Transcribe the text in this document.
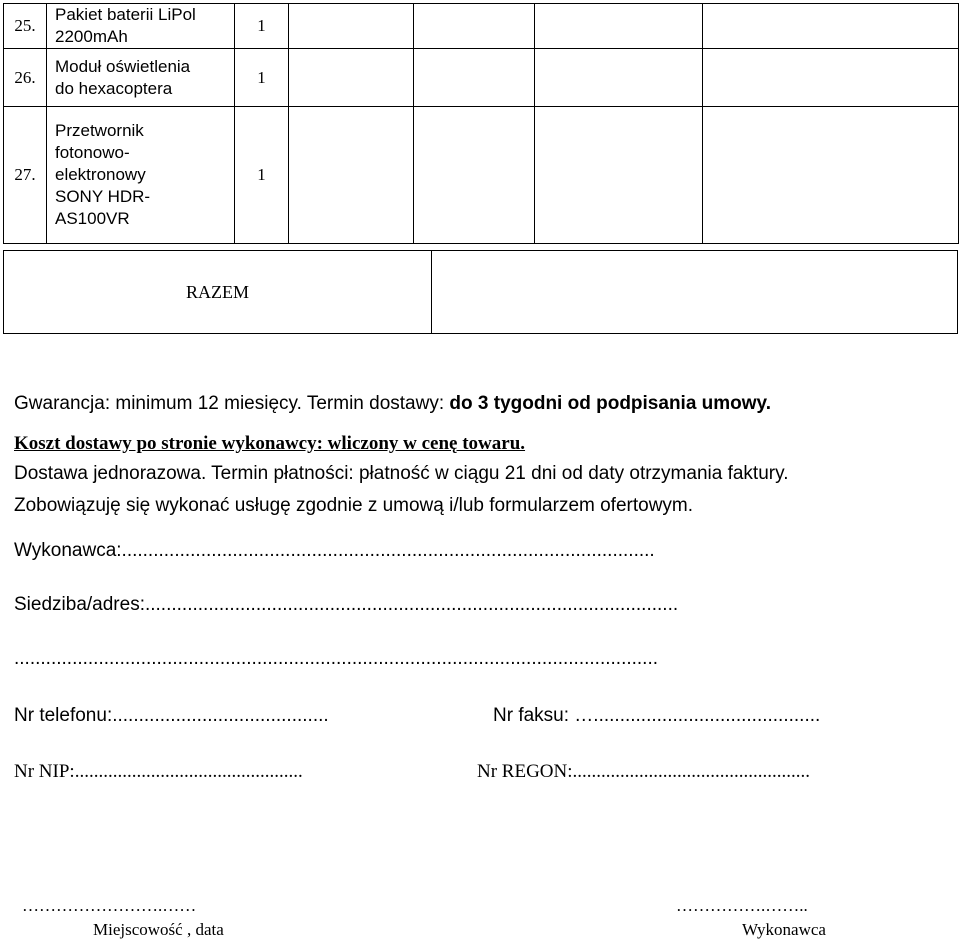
25.	Pakiet baterii LiPol
2200mAh	1				
26.	Moduł oświetlenia
do hexacoptera	1				
27.	Przetwornik
fotonowo-
elektronowy
SONY HDR-
AS100VR	1				
RAZEM	
Gwarancja: minimum 12 miesięcy. Termin dostawy: do 3 tygodni od podpisania umowy.
Koszt dostawy po stronie wykonawcy: wliczony w cenę towaru.
Dostawa jednorazowa. Termin płatności: płatność w ciągu 21 dni od daty otrzymania faktury.
Zobowiązuję się wykonać usługę zgodnie z umową i/lub formularzem ofertowym.
Wykonawca:.....................................................................................................
Siedziba/adres:.....................................................................................................
..........................................................................................................................
Nr telefonu:.........................................	Nr faksu: …...........................................
Nr NIP:................................................	Nr REGON:..................................................
…………………….……
Miejscowość , data
…………….……..
Wykonawca
